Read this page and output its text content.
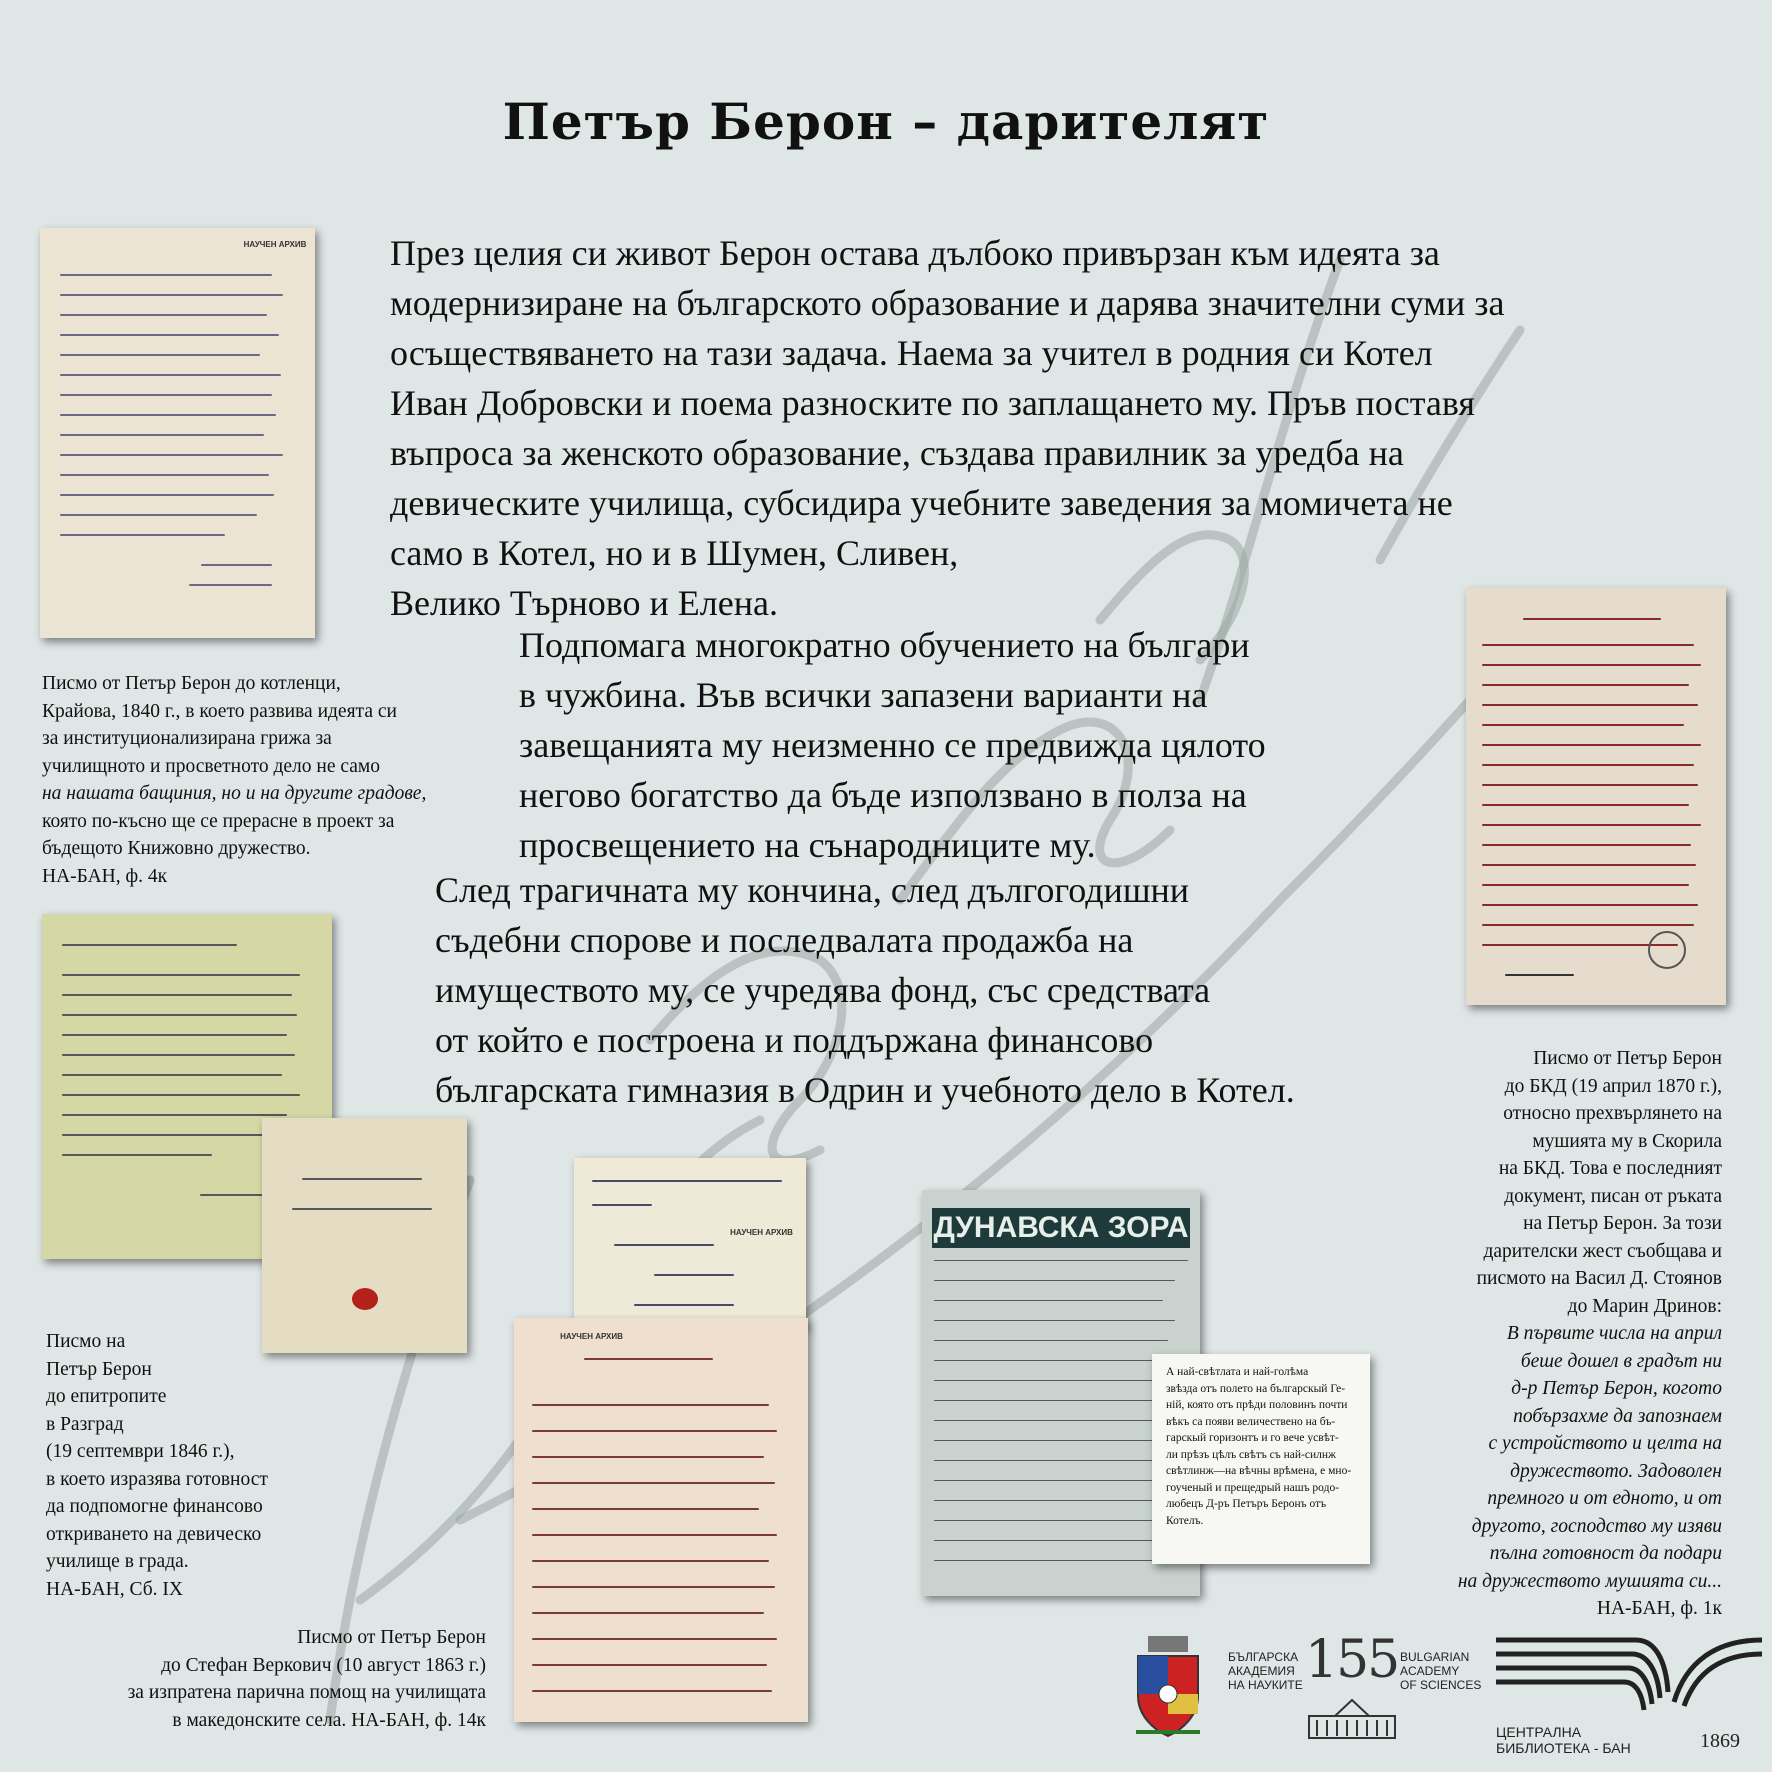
Петър Берон – дарителят
През целия си живот Берон остава дълбоко привързан към идеята за
модернизиране на българското образование и дарява значителни суми за
осъществяването на тази задача. Наема за учител в родния си Котел
Иван Добровски и поема разноските по заплащането му. Пръв поставя
въпроса за женското образование, създава правилник за уредба на
девическите училища, субсидира учебните заведения за момичета не
само в Котел, но и в Шумен, Сливен,
Велико Търново и Елена.
Подпомага многократно обучението на българи
в чужбина. Във всички запазени варианти на
завещанията му неизменно се предвижда цялото
негово богатство да бъде използвано в полза на
просвещението на сънародниците му.
След трагичната му кончина, след дългогодишни
съдебни спорове и последвалата продажба на
имуществото му, се учредява фонд, със средствата
от който е построена и поддържана финансово
българската гимназия в Одрин и учебното дело в Котел.
НАУЧЕН АРХИВ
Писмо от Петър Берон до котленци,
Крайова, 1840 г., в което развива идеята си
за институционализирана грижа за
училищното и просветното дело не само
на нашата бащиния, но и на другите градове,
която по-късно ще се прерасне в проект за
бъдещото Книжовно дружество.
НА-БАН, ф. 4к
Писмо на
Петър Берон
до епитропите
в Разград
(19 септември 1846 г.),
в което изразява готовност
да подпомогне финансово
откриването на девическо
училище в града.
НА-БАН, Сб. IX
НАУЧЕН АРХИВ
НАУЧЕН АРХИВ
Писмо от Петър Берон
до Стефан Веркович (10 август 1863 г.)
за изпратена парична помощ на училищата
в македонските села. НА-БАН, ф. 14к
ДУНАВСКА ЗОРА
А най-свѣтлата и най-голѣма
звѣзда отъ полето на българскый Ге-
ній, която отъ прѣди половинъ почти
вѣкъ са появи величествено на бъ-
гарскый горизонтъ и го вече усвѣт-
ли прѣзъ цѣлъ свѣтъ съ най-силнж
свѣтлинж—на вѣчны врѣмена, е мно-
гоученый и прещедрый нашъ родо-
любецъ Д-ръ Петъръ Беронъ отъ
Котелъ.
Писмо от Петър Берон
до БКД (19 април 1870 г.),
относно прехвърлянето на
мушията му в Скорила
на БКД. Това е последният
документ, писан от ръката
на Петър Берон. За този
дарителски жест съобщава и
писмото на Васил Д. Стоянов
до Марин Дринов:
В първите числа на април
беше дошел в градът ни
д-р Петър Берон, когото
побързахме да запознаем
с устройството и целта на
дружеството. Задоволен
премного и от едното, и от
другото, господство му изяви
пълна готовност да подари
на дружеството мушията си...
НА-БАН, ф. 1к
БЪЛГАРСКА
АКАДЕМИЯ
НА НАУКИТЕ 155 BULGARIAN
ACADEMY
OF SCIENCES
ЦЕНТРАЛНА
БИБЛИОТЕКА - БАН	1869
